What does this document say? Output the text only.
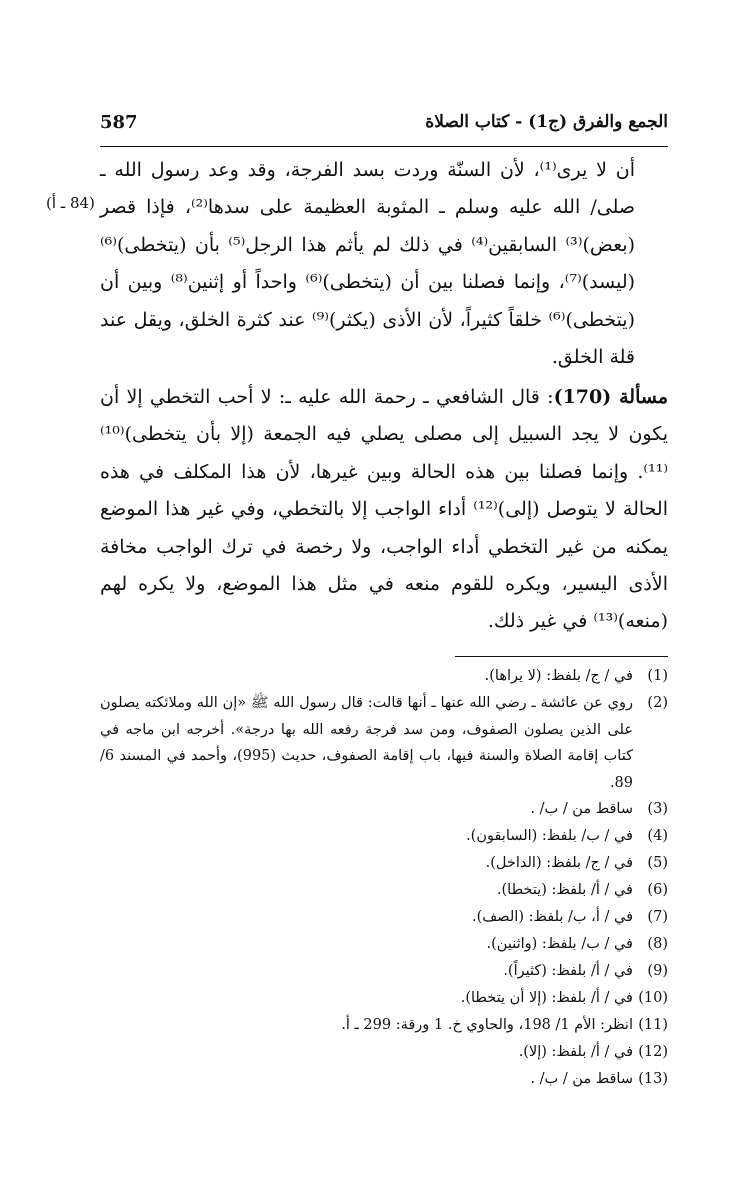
الجمع والفرق (ج1) - كتاب الصلاة
587
(84 ـ أ)
أن لا يرى⁽¹⁾، لأن السنّة وردت بسد الفرجة، وقد وعد رسول الله ـ صلى/ الله عليه وسلم ـ المثوبة العظيمة على سدها⁽²⁾، فإذا قصر (بعض)⁽³⁾ السابقين⁽⁴⁾ في ذلك لم يأثم هذا الرجل⁽⁵⁾ بأن (يتخطى)⁽⁶⁾ (ليسد)⁽⁷⁾، وإنما فصلنا بين أن (يتخطى)⁽⁶⁾ واحداً أو إثنين⁽⁸⁾ وبين أن (يتخطى)⁽⁶⁾ خلقاً كثيراً، لأن الأذى (يكثر)⁽⁹⁾ عند كثرة الخلق، ويقل عند قلة الخلق.
مسألة (170): قال الشافعي ـ رحمة الله عليه ـ: لا أحب التخطي إلا أن يكون لا يجد السبيل إلى مصلى يصلي فيه الجمعة (إلا بأن يتخطى)⁽¹⁰⁾ ⁽¹¹⁾. وإنما فصلنا بين هذه الحالة وبين غيرها، لأن هذا المكلف في هذه الحالة لا يتوصل (إلى)⁽¹²⁾ أداء الواجب إلا بالتخطي، وفي غير هذا الموضع يمكنه من غير التخطي أداء الواجب، ولا رخصة في ترك الواجب مخافة الأذى اليسير، ويكره للقوم منعه في مثل هذا الموضع، ولا يكره لهم (منعه)⁽¹³⁾ في غير ذلك.
في / ج/ بلفظ: (لا يراها). (1)
روي عن عائشة ـ رضي الله عنها ـ أنها قالت: قال رسول الله ﷺ «إن الله وملائكته يصلون على الذين يصلون الصفوف، ومن سد فرجة رفعه الله بها درجة». أخرجه ابن ماجه في كتاب إقامة الصلاة والسنة فيها، باب إقامة الصفوف، حديث (995)، وأحمد في المسند 6/ 89.
(2)
ساقط من / ب/ . (3)
في / ب/ بلفظ: (السابقون). (4)
في / ج/ بلفظ: (الداخل). (5)
في / أ/ بلفظ: (يتخطا). (6)
في / أ، ب/ بلفظ: (الصف). (7)
في / ب/ بلفظ: (واثنين). (8)
في / أ/ بلفظ: (كثيراً). (9)
في / أ/ بلفظ: (إلا أن يتخطا). (10)
انظر: الأم 1/ 198، والحاوي خ. 1 ورقة: 299 ـ أ. (11)
في / أ/ بلفظ: (إلا). (12)
ساقط من / ب/ . (13)
